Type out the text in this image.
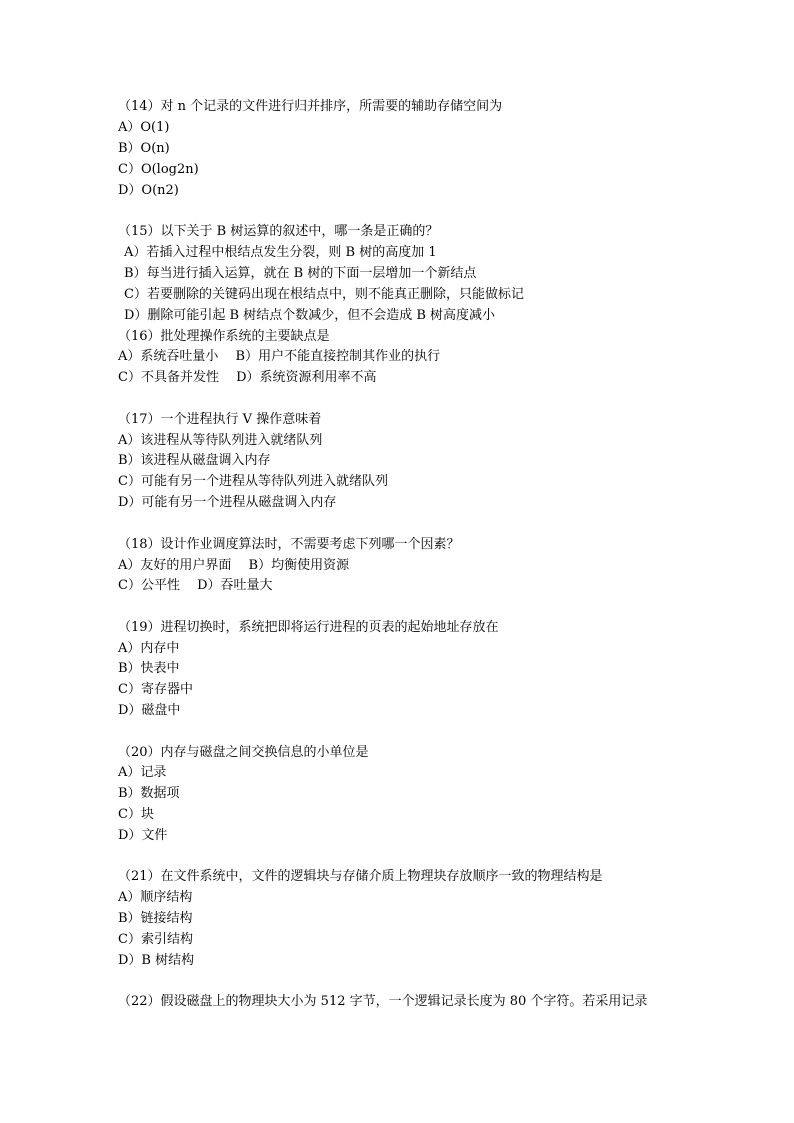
（14）对 n 个记录的文件进行归并排序，所需要的辅助存储空间为
A）O(1)
B）O(n)
C）O(log2n)
D）O(n2)
（15）以下关于 B 树运算的叙述中，哪一条是正确的？
A）若插入过程中根结点发生分裂，则 B 树的高度加 1
B）每当进行插入运算，就在 B 树的下面一层增加一个新结点
C）若要删除的关键码出现在根结点中，则不能真正删除，只能做标记
D）删除可能引起 B 树结点个数减少，但不会造成 B 树高度减小
（16）批处理操作系统的主要缺点是
A）系统吞吐量小　 B）用户不能直接控制其作业的执行
C）不具备并发性　 D）系统资源利用率不高
（17）一个进程执行 V 操作意味着
A）该进程从等待队列进入就绪队列
B）该进程从磁盘调入内存
C）可能有另一个进程从等待队列进入就绪队列
D）可能有另一个进程从磁盘调入内存
（18）设计作业调度算法时，不需要考虑下列哪一个因素？
A）友好的用户界面　 B）均衡使用资源
C）公平性　 D）吞吐量大
（19）进程切换时，系统把即将运行进程的页表的起始地址存放在
A）内存中
B）快表中
C）寄存器中
D）磁盘中
（20）内存与磁盘之间交换信息的小单位是
A）记录
B）数据项
C）块
D）文件
（21）在文件系统中，文件的逻辑块与存储介质上物理块存放顺序一致的物理结构是
A）顺序结构
B）链接结构
C）索引结构
D）B 树结构
（22）假设磁盘上的物理块大小为 512 字节，一个逻辑记录长度为 80 个字符。若采用记录
